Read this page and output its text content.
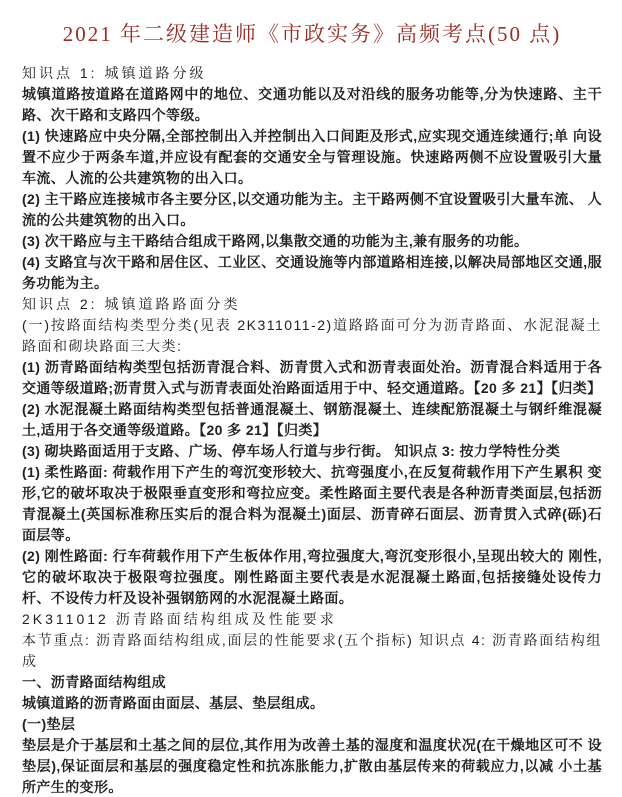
2021 年二级建造师《市政实务》高频考点(50 点)

知识点 1: 城镇道路分级

城镇道路按道路在道路网中的地位、交通功能以及对沿线的服务功能等,分为快速路、主干 路、次干路和支路四个等级。

(1) 快速路应中央分隔,全部控制出入并控制出入口间距及形式,应实现交通连续通行;单 向设置不应少于两条车道,并应设有配套的交通安全与管理设施。快速路两侧不应设置吸引大量车流、人流的公共建筑物的出入口。

(2) 主干路应连接城市各主要分区,以交通功能为主。主干路两侧不宜设置吸引大量车流、 人流的公共建筑物的出入口。

(3) 次干路应与主干路结合组成干路网,以集散交通的功能为主,兼有服务的功能。

(4) 支路宜与次干路和居住区、工业区、交通设施等内部道路相连接,以解决局部地区交通,服务功能为主。

知识点 2: 城镇道路路面分类

(一)按路面结构类型分类(见表 2K311011-2)道路路面可分为沥青路面、水泥混凝土路面和砌块路面三大类:

(1) 沥青路面结构类型包括沥青混合料、沥青贯入式和沥青表面处治。沥青混合料适用于各交通等级道路;沥青贯入式与沥青表面处治路面适用于中、轻交通道路。【20 多 21】【归类】

(2) 水泥混凝土路面结构类型包括普通混凝土、钢筋混凝土、连续配筋混凝土与钢纤维混凝 土,适用于各交通等级道路。【20 多 21】【归类】

(3) 砌块路面适用于支路、广场、停车场人行道与步行街。 知识点 3: 按力学特性分类

(1) 柔性路面: 荷载作用下产生的弯沉变形较大、抗弯强度小,在反复荷载作用下产生累积 变形,它的破坏取决于极限垂直变形和弯拉应变。柔性路面主要代表是各种沥青类面层,包括沥青混凝土(英国标准称压实后的混合料为混凝土)面层、沥青碎石面层、沥青贯入式碎(砾)石面层等。

(2) 刚性路面: 行车荷载作用下产生板体作用,弯拉强度大,弯沉变形很小,呈现出较大的 刚性,它的破坏取决于极限弯拉强度。刚性路面主要代表是水泥混凝土路面,包括接缝处设传力杆、不设传力杆及设补强钢筋网的水泥混凝土路面。

2K311012 沥青路面结构组成及性能要求

本节重点: 沥青路面结构组成,面层的性能要求(五个指标) 知识点 4: 沥青路面结构组成

一、沥青路面结构组成

城镇道路的沥青路面由面层、基层、垫层组成。

(一)垫层

垫层是介于基层和土基之间的层位,其作用为改善土基的湿度和温度状况(在干燥地区可不 设垫层),保证面层和基层的强度稳定性和抗冻胀能力,扩散由基层传来的荷载应力,以减 小土基所产生的变形。
